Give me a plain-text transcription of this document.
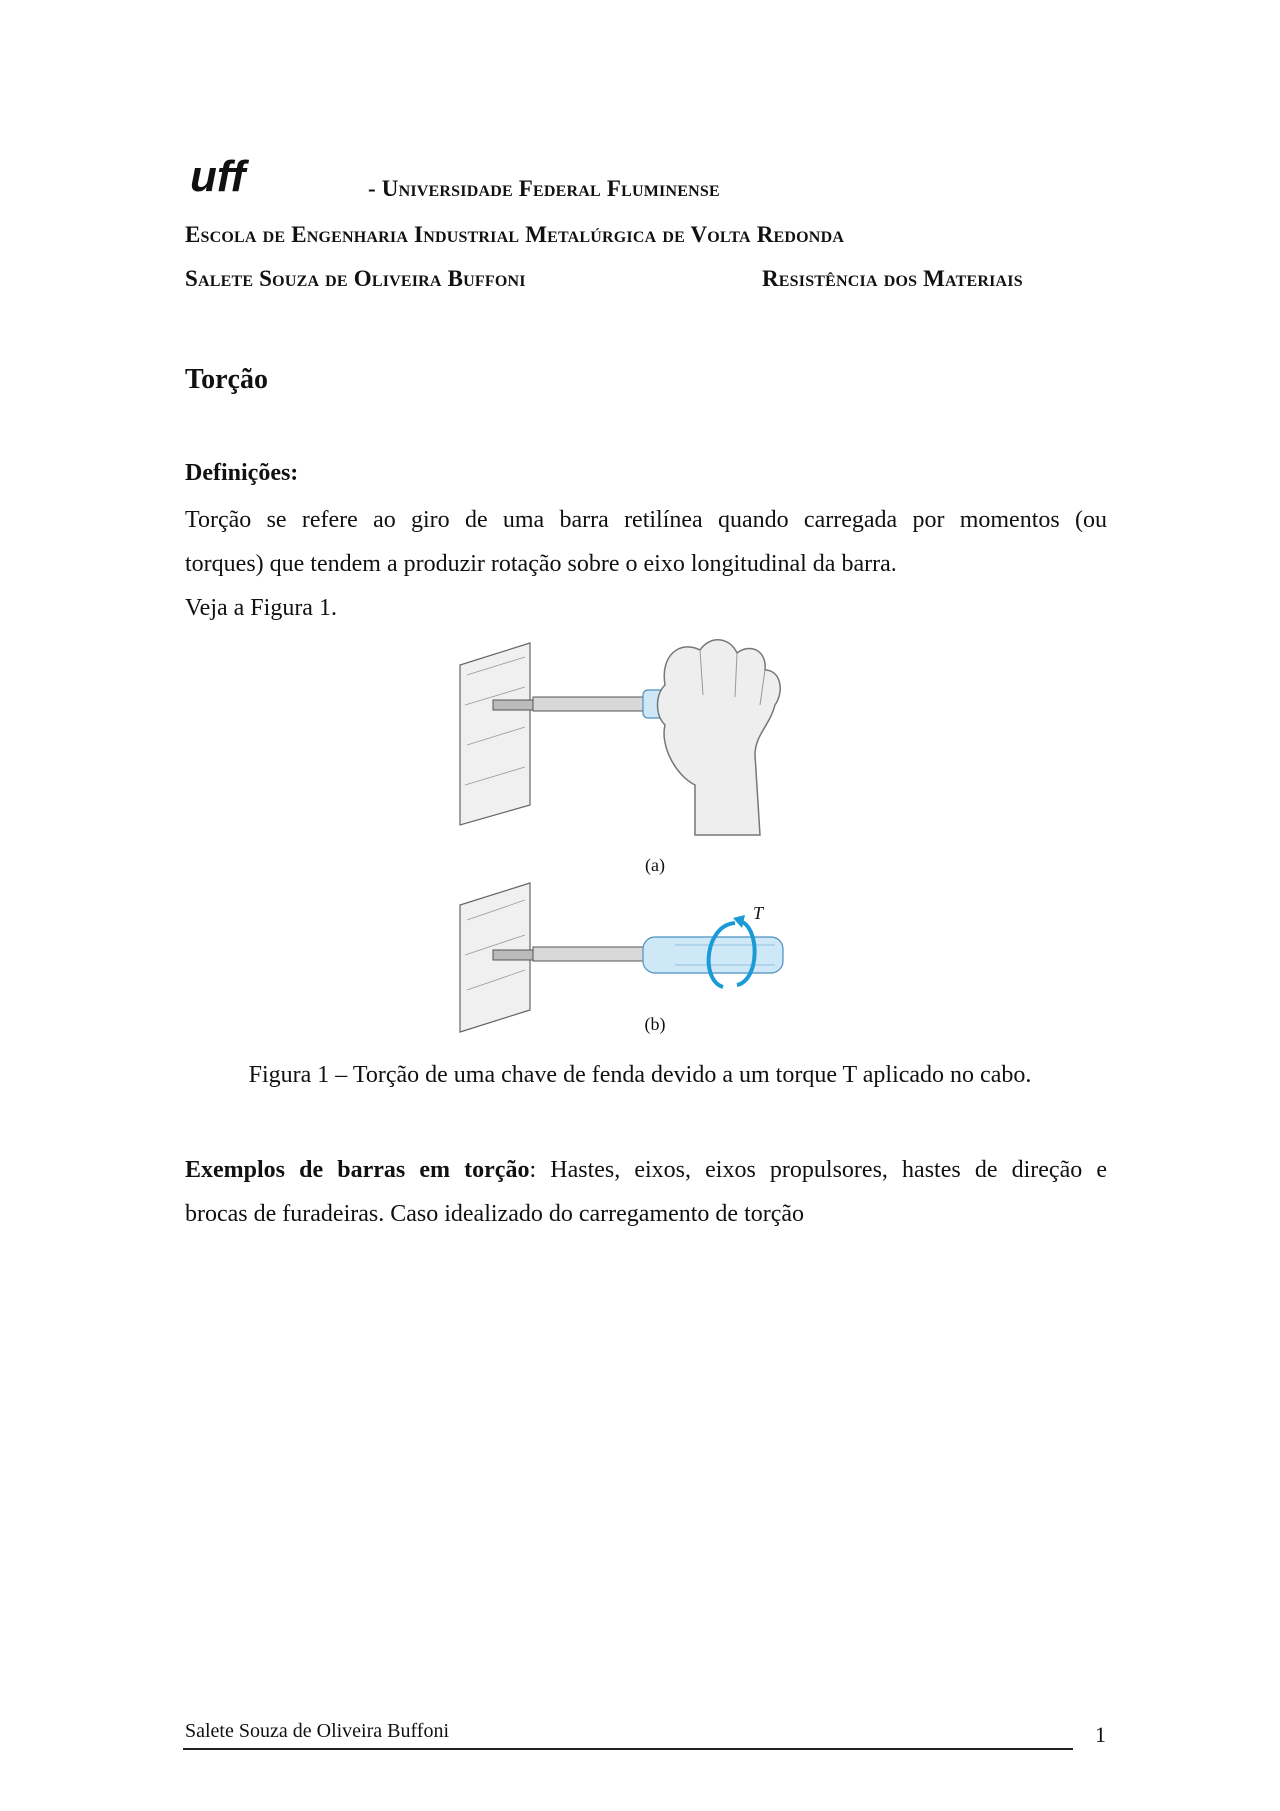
uff	- Universidade Federal Fluminense
Escola de Engenharia Industrial Metalúrgica de Volta Redonda
Salete Souza de Oliveira Buffoni	Resistência dos Materiais
Torção
Definições:
Torção se refere ao giro de uma barra retilínea quando carregada por momentos (ou
torques) que tendem a produzir rotação sobre o eixo longitudinal da barra.
Veja a Figura 1.
(a)
T
(b)
Figura 1 – Torção de uma chave de fenda devido a um torque T aplicado no cabo.
Exemplos de barras em torção: Hastes, eixos, eixos propulsores, hastes de direção e
brocas de furadeiras. Caso idealizado do carregamento de torção
Salete Souza de Oliveira Buffoni	1
